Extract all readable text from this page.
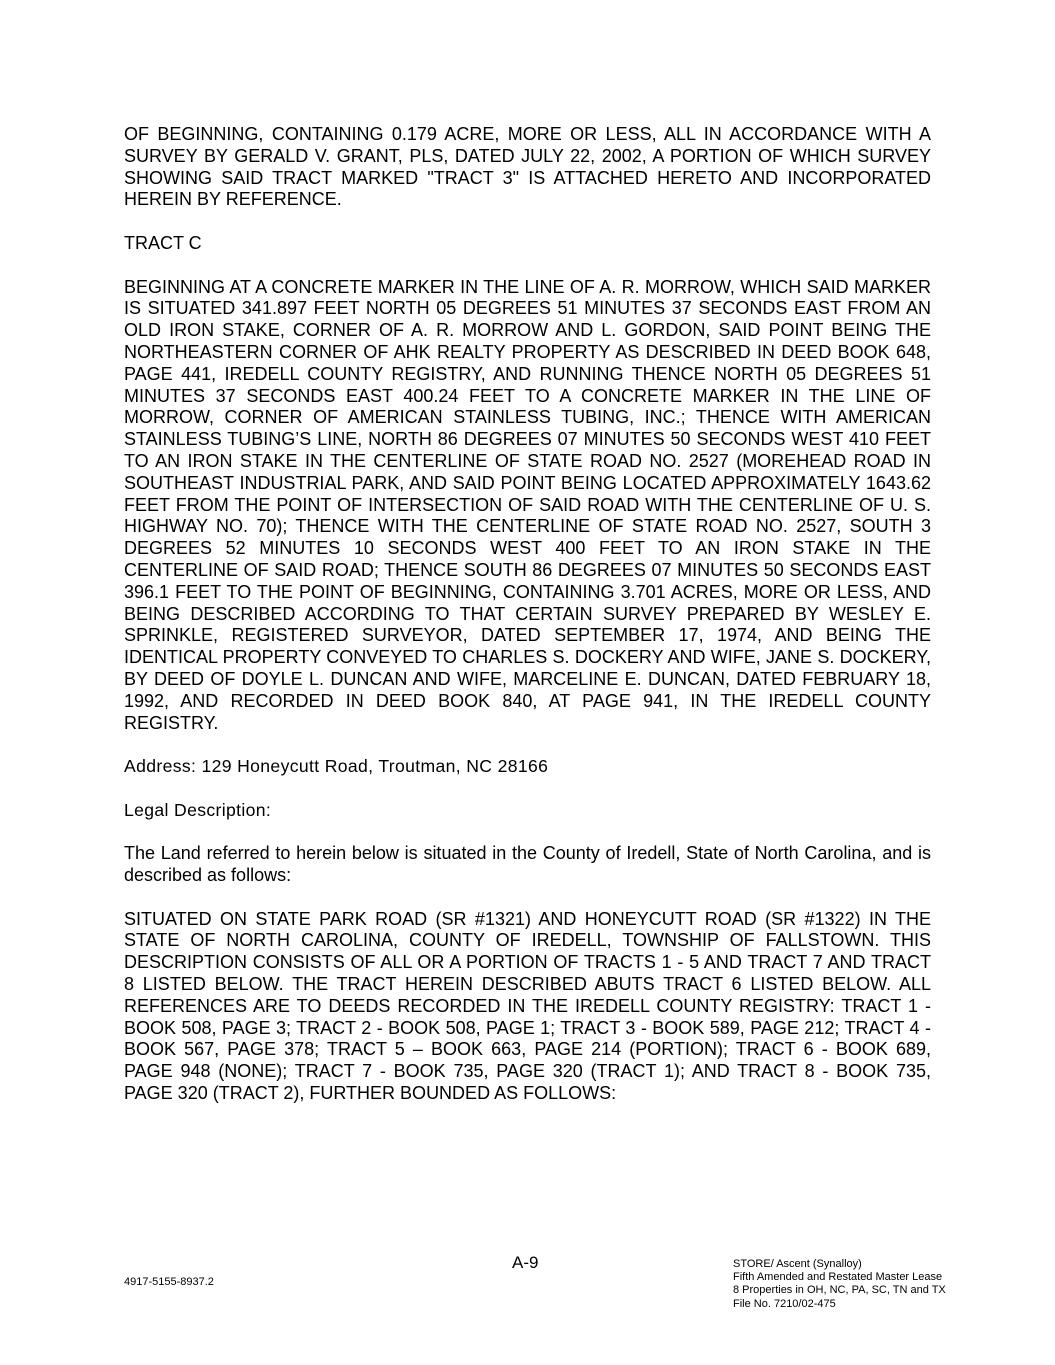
OF BEGINNING, CONTAINING 0.179 ACRE, MORE OR LESS, ALL IN ACCORDANCE WITH A SURVEY BY GERALD V. GRANT, PLS, DATED JULY 22, 2002, A PORTION OF WHICH SURVEY SHOWING SAID TRACT MARKED "TRACT 3" IS ATTACHED HERETO AND INCORPORATED HEREIN BY REFERENCE.

TRACT C

BEGINNING AT A CONCRETE MARKER IN THE LINE OF A. R. MORROW, WHICH SAID MARKER IS SITUATED 341.897 FEET NORTH 05 DEGREES 51 MINUTES 37 SECONDS EAST FROM AN OLD IRON STAKE, CORNER OF A. R. MORROW AND L. GORDON, SAID POINT BEING THE NORTHEASTERN CORNER OF AHK REALTY PROPERTY AS DESCRIBED IN DEED BOOK 648, PAGE 441, IREDELL COUNTY REGISTRY, AND RUNNING THENCE NORTH 05 DEGREES 51 MINUTES 37 SECONDS EAST 400.24 FEET TO A CONCRETE MARKER IN THE LINE OF MORROW, CORNER OF AMERICAN STAINLESS TUBING, INC.; THENCE WITH AMERICAN STAINLESS TUBING’S LINE, NORTH 86 DEGREES 07 MINUTES 50 SECONDS WEST 410 FEET TO AN IRON STAKE IN THE CENTERLINE OF STATE ROAD NO. 2527 (MOREHEAD ROAD IN SOUTHEAST INDUSTRIAL PARK, AND SAID POINT BEING LOCATED APPROXIMATELY 1643.62 FEET FROM THE POINT OF INTERSECTION OF SAID ROAD WITH THE CENTERLINE OF U. S. HIGHWAY NO. 70); THENCE WITH THE CENTERLINE OF STATE ROAD NO. 2527, SOUTH 3 DEGREES 52 MINUTES 10 SECONDS WEST 400 FEET TO AN IRON STAKE IN THE CENTERLINE OF SAID ROAD; THENCE SOUTH 86 DEGREES 07 MINUTES 50 SECONDS EAST 396.1 FEET TO THE POINT OF BEGINNING, CONTAINING 3.701 ACRES, MORE OR LESS, AND BEING DESCRIBED ACCORDING TO THAT CERTAIN SURVEY PREPARED BY WESLEY E. SPRINKLE, REGISTERED SURVEYOR, DATED SEPTEMBER 17, 1974, AND BEING THE IDENTICAL PROPERTY CONVEYED TO CHARLES S. DOCKERY AND WIFE, JANE S. DOCKERY, BY DEED OF DOYLE L. DUNCAN AND WIFE, MARCELINE E. DUNCAN, DATED FEBRUARY 18, 1992, AND RECORDED IN DEED BOOK 840, AT PAGE 941, IN THE IREDELL COUNTY REGISTRY.

Address: 129 Honeycutt Road, Troutman, NC 28166

Legal Description:

The Land referred to herein below is situated in the County of Iredell, State of North Carolina, and is described as follows:

SITUATED ON STATE PARK ROAD (SR #1321) AND HONEYCUTT ROAD (SR #1322) IN THE STATE OF NORTH CAROLINA, COUNTY OF IREDELL, TOWNSHIP OF FALLSTOWN. THIS DESCRIPTION CONSISTS OF ALL OR A PORTION OF TRACTS 1 - 5 AND TRACT 7 AND TRACT 8 LISTED BELOW. THE TRACT HEREIN DESCRIBED ABUTS TRACT 6 LISTED BELOW. ALL REFERENCES ARE TO DEEDS RECORDED IN THE IREDELL COUNTY REGISTRY: TRACT 1 - BOOK 508, PAGE 3; TRACT 2 - BOOK 508, PAGE 1; TRACT 3 - BOOK 589, PAGE 212; TRACT 4 - BOOK 567, PAGE 378; TRACT 5 – BOOK 663, PAGE 214 (PORTION); TRACT 6 - BOOK 689, PAGE 948 (NONE); TRACT 7 - BOOK 735, PAGE 320 (TRACT 1); AND TRACT 8 - BOOK 735, PAGE 320 (TRACT 2), FURTHER BOUNDED AS FOLLOWS:

4917-5155-8937.2
A-9	STORE/ Ascent (Synalloy)
Fifth Amended and Restated Master Lease
8 Properties in OH, NC, PA, SC, TN and TX
File No. 7210/02-475
